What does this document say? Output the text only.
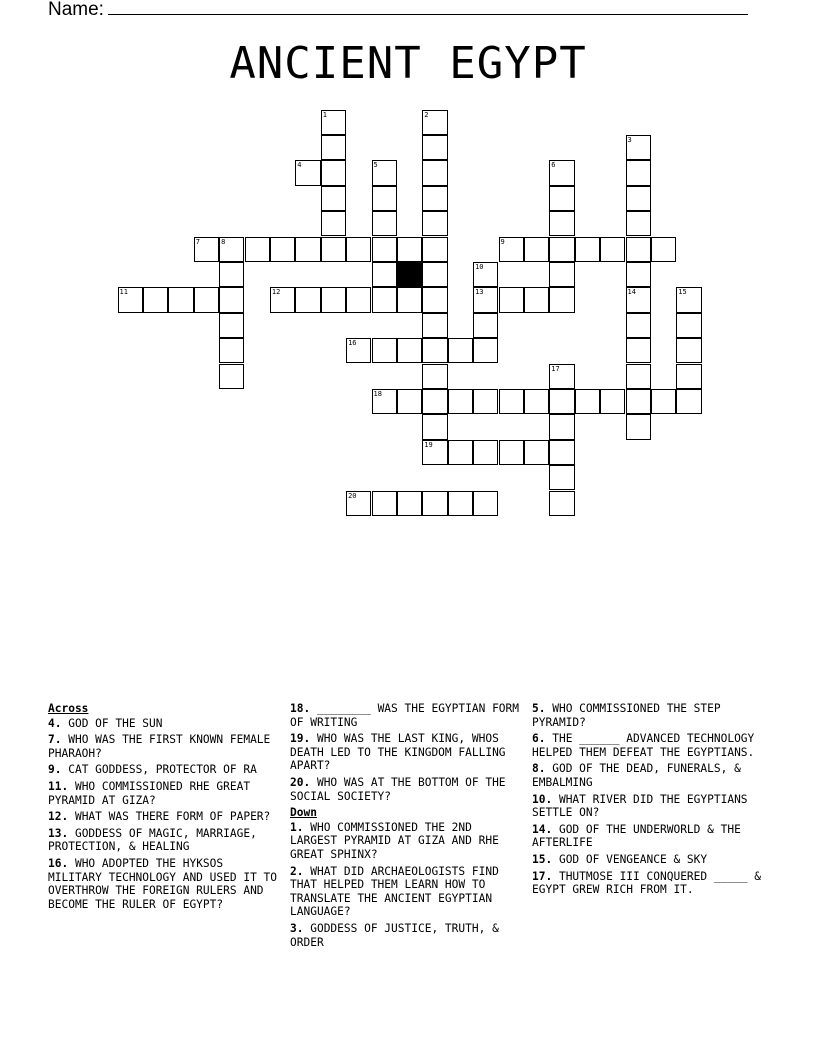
Name:
ANCIENT EGYPT
4
7	8	9
11	12	13
16
18
19
20
1	2
3
14
5	6
10
15
17
Across
4. GOD OF THE SUN
7. WHO WAS THE FIRST KNOWN FEMALE PHARAOH?
9. CAT GODDESS, PROTECTOR OF RA
11. WHO COMMISSIONED RHE GREAT PYRAMID AT GIZA?
12. WHAT WAS THERE FORM OF PAPER?
13. GODDESS OF MAGIC, MARRIAGE, PROTECTION, & HEALING
16. WHO ADOPTED THE HYKSOS MILITARY TECHNOLOGY AND USED IT TO OVERTHROW THE FOREIGN RULERS AND BECOME THE RULER OF EGYPT?
18. ________ WAS THE EGYPTIAN FORM OF WRITING
19. WHO WAS THE LAST KING, WHOS DEATH LED TO THE KINGDOM FALLING APART?
20. WHO WAS AT THE BOTTOM OF THE SOCIAL SOCIETY?
Down
1. WHO COMMISSIONED THE 2ND LARGEST PYRAMID AT GIZA AND RHE GREAT SPHINX?
2. WHAT DID ARCHAEOLOGISTS FIND THAT HELPED THEM LEARN HOW TO TRANSLATE THE ANCIENT EGYPTIAN LANGUAGE?
3. GODDESS OF JUSTICE, TRUTH, & ORDER
5. WHO COMMISSIONED THE STEP PYRAMID?
6. THE ______ ADVANCED TECHNOLOGY HELPED THEM DEFEAT THE EGYPTIANS.
8. GOD OF THE DEAD, FUNERALS, & EMBALMING
10. WHAT RIVER DID THE EGYPTIANS SETTLE ON?
14. GOD OF THE UNDERWORLD & THE AFTERLIFE
15. GOD OF VENGEANCE & SKY
17. THUTMOSE III CONQUERED _____ & EGYPT GREW RICH FROM IT.
